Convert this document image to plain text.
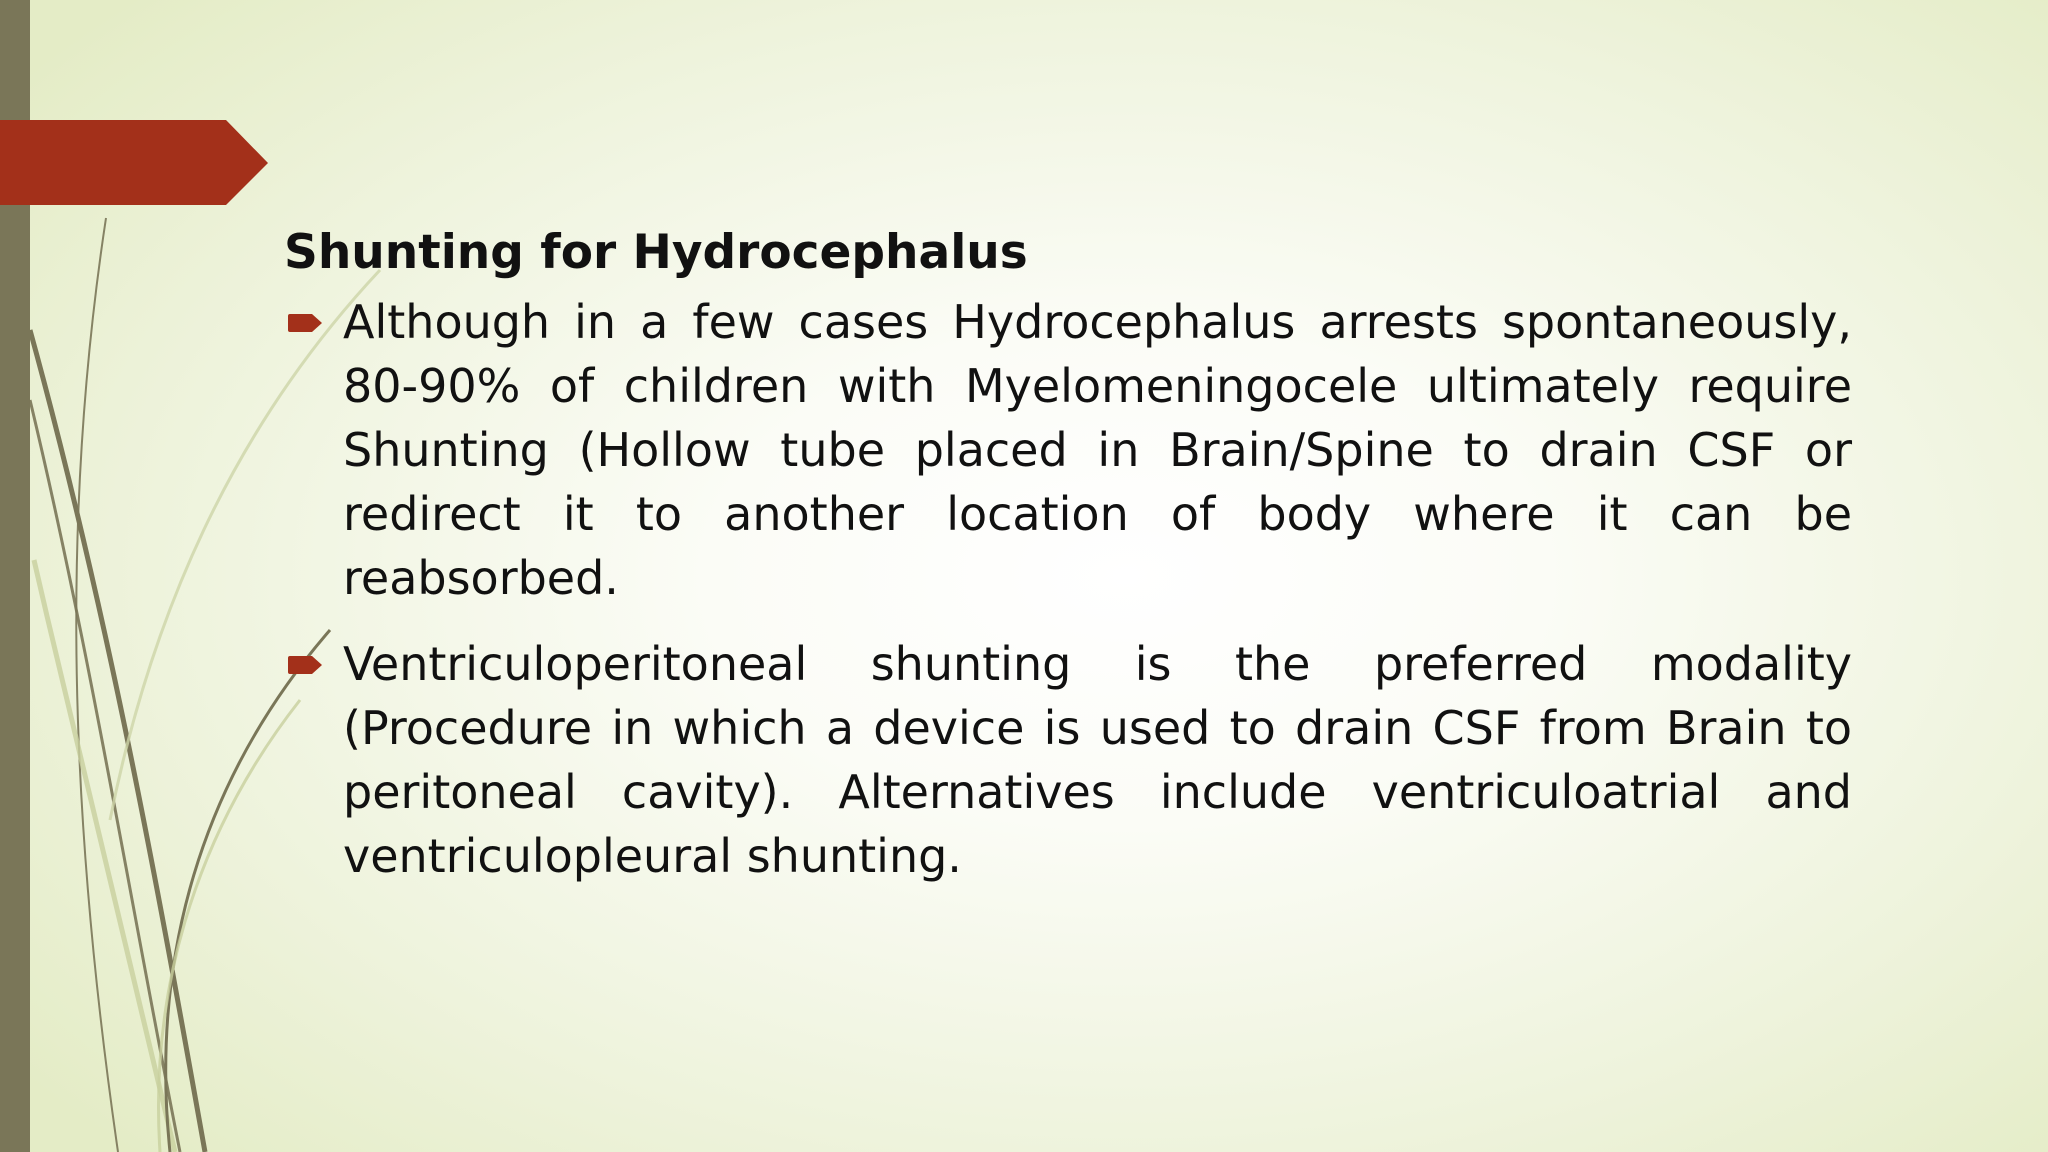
Shunting for Hydrocephalus
Although in a few cases Hydrocephalus arrests spontaneously, 80-90% of children with Myelomeningocele ultimately require Shunting (Hollow tube placed in Brain/Spine to drain CSF or redirect it to another location of body where it can be reabsorbed.
Ventriculoperitoneal shunting is the preferred modality (Procedure in which a device is used to drain CSF from Brain to peritoneal cavity). Alternatives include ventriculoatrial and ventriculopleural shunting.
